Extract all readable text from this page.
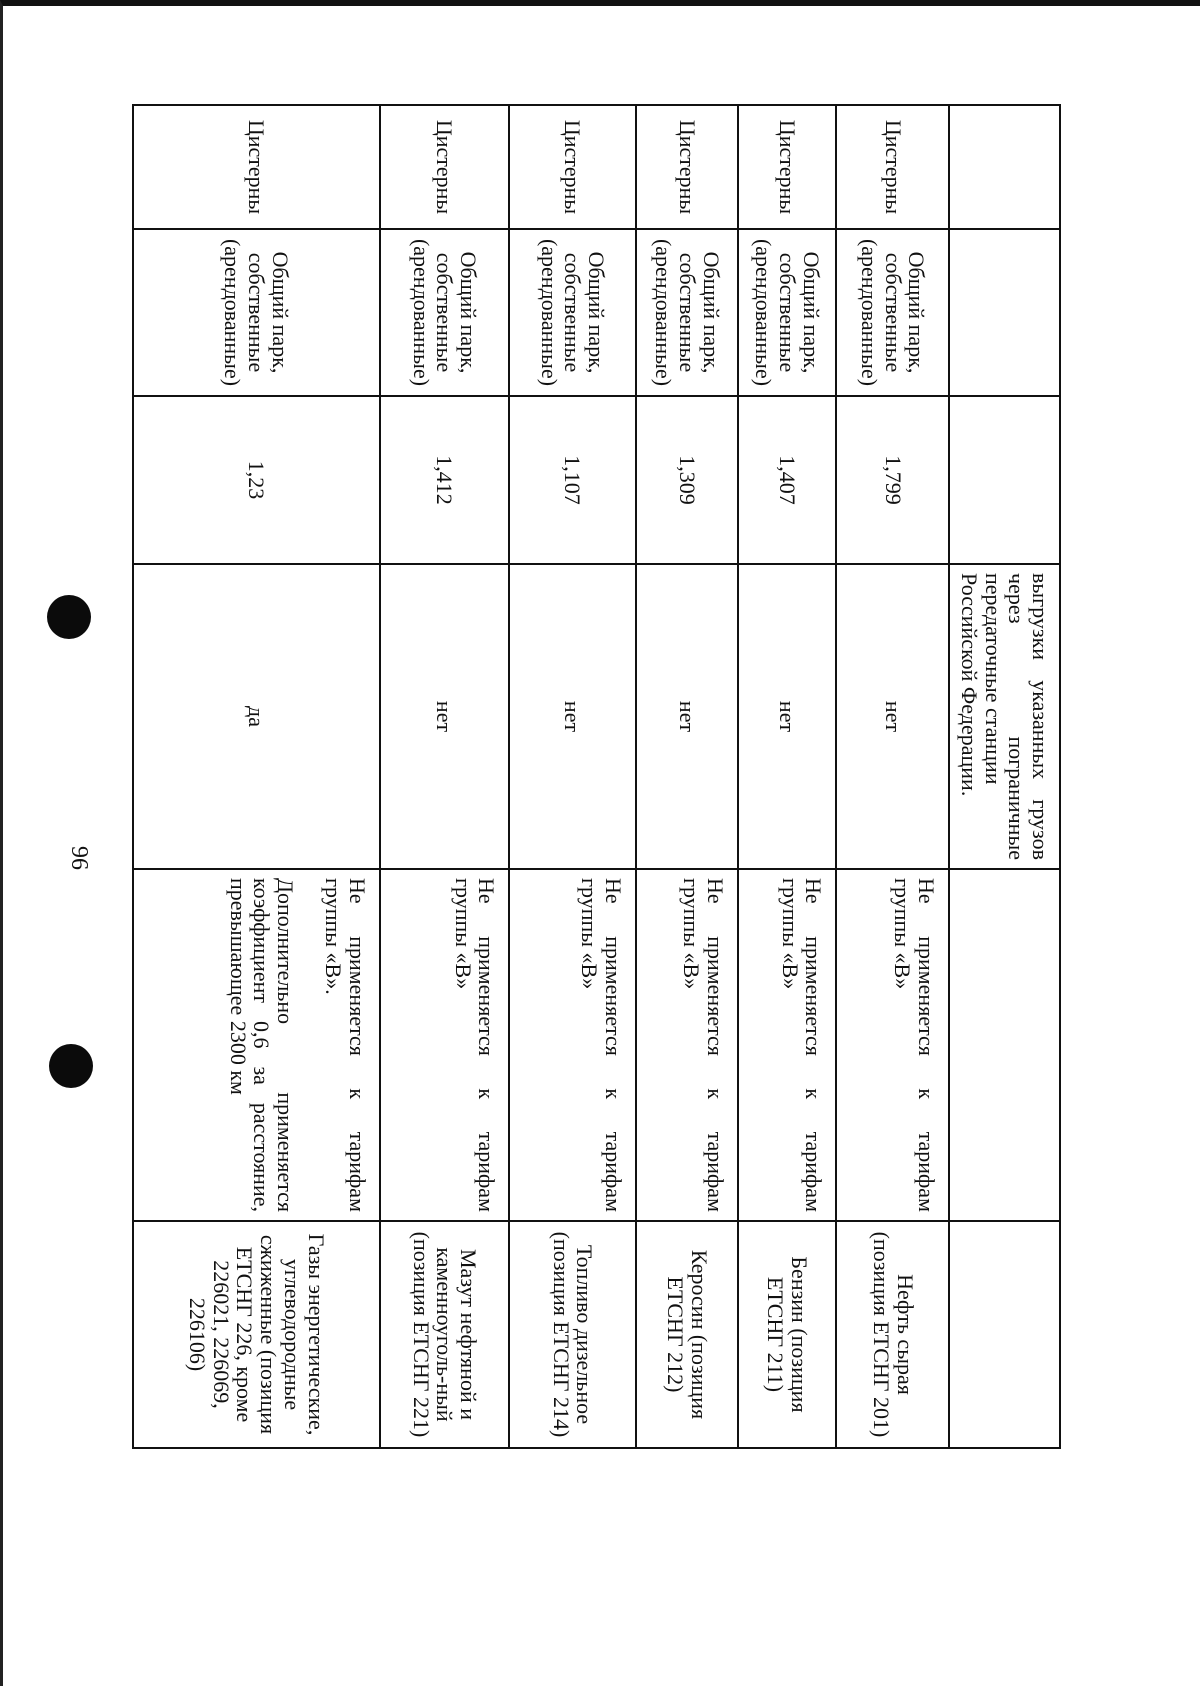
96

			выгрузки указанных грузов через пограничные передаточные станции
Российской Федерации.		

Цистерны	Общий парк, собственные (арендованные)	1,799	нет	Не применяется к тарифам
группы «В»	Нефть сырая (позиция ЕТСНГ 201)
Цистерны	Общий парк, собственные (арендованные)	1,407	нет	Не применяется к тарифам
группы «В»	Бензин (позиция ЕТСНГ 211)
Цистерны	Общий парк, собственные (арендованные)	1,309	нет	Не применяется к тарифам
группы «В»	Керосин (позиция ЕТСНГ 212)
Цистерны	Общий парк, собственные (арендованные)	1,107	нет	Не применяется к тарифам
группы «В»	Топливо дизельное (позиция ЕТСНГ 214)
Цистерны	Общий парк, собственные (арендованные)	1,412	нет	Не применяется к тарифам
группы «В»	Мазут нефтяной и каменноуголь-ный (позиция ЕТСНГ 221)
Цистерны	Общий парк, собственные (арендованные)	1,23	да	Не применяется к тарифам
группы «В».
Дополнительно применяется коэффициент 0,6 за расстояние, превышающее 2300 км	Газы энергетические, углеводородные сжиженные (позиция ЕТСНГ 226, кроме 226021, 226069, 226106)
